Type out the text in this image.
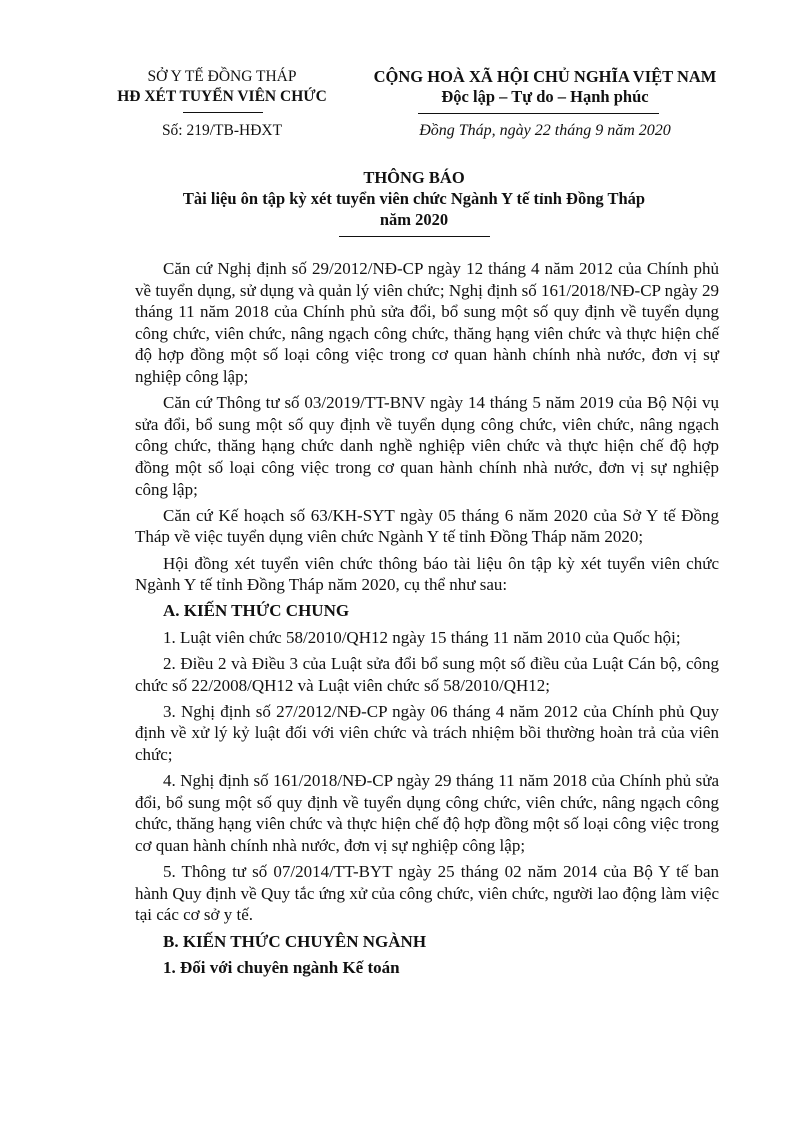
SỞ Y TẾ ĐỒNG THÁP
HĐ XÉT TUYỂN VIÊN CHỨC
Số: 219/TB-HĐXT
CỘNG HOÀ XÃ HỘI CHỦ NGHĨA VIỆT NAM
Độc lập – Tự do – Hạnh phúc
Đồng Tháp, ngày 22 tháng 9 năm 2020
THÔNG BÁO
Tài liệu ôn tập kỳ xét tuyển viên chức Ngành Y tế tỉnh Đồng Tháp
năm 2020

Căn cứ Nghị định số 29/2012/NĐ-CP ngày 12 tháng 4 năm 2012 của Chính phủ về tuyển dụng, sử dụng và quản lý viên chức; Nghị định số 161/2018/NĐ-CP ngày 29 tháng 11 năm 2018 của Chính phủ sửa đổi, bổ sung một số quy định về tuyển dụng công chức, viên chức, nâng ngạch công chức, thăng hạng viên chức và thực hiện chế độ hợp đồng một số loại công việc trong cơ quan hành chính nhà nước, đơn vị sự nghiệp công lập;

Căn cứ Thông tư số 03/2019/TT-BNV ngày 14 tháng 5 năm 2019 của Bộ Nội vụ sửa đổi, bổ sung một số quy định về tuyển dụng công chức, viên chức, nâng ngạch công chức, thăng hạng chức danh nghề nghiệp viên chức và thực hiện chế độ hợp đồng một số loại công việc trong cơ quan hành chính nhà nước, đơn vị sự nghiệp công lập;

Căn cứ Kế hoạch số 63/KH-SYT ngày 05 tháng 6 năm 2020 của Sở Y tế Đồng Tháp về việc tuyển dụng viên chức Ngành Y tế tỉnh Đồng Tháp năm 2020;

Hội đồng xét tuyển viên chức thông báo tài liệu ôn tập kỳ xét tuyển viên chức Ngành Y tế tỉnh Đồng Tháp năm 2020, cụ thể như sau:

A. KIẾN THỨC CHUNG

1. Luật viên chức 58/2010/QH12 ngày 15 tháng 11 năm 2010 của Quốc hội;

2. Điều 2 và Điều 3 của Luật sửa đổi bổ sung một số điều của Luật Cán bộ, công chức số 22/2008/QH12 và Luật viên chức số 58/2010/QH12;

3. Nghị định số 27/2012/NĐ-CP ngày 06 tháng 4 năm 2012 của Chính phủ Quy định về xử lý kỷ luật đối với viên chức và trách nhiệm bồi thường hoàn trả của viên chức;

4. Nghị định số 161/2018/NĐ-CP ngày 29 tháng 11 năm 2018 của Chính phủ sửa đổi, bổ sung một số quy định về tuyển dụng công chức, viên chức, nâng ngạch công chức, thăng hạng viên chức và thực hiện chế độ hợp đồng một số loại công việc trong cơ quan hành chính nhà nước, đơn vị sự nghiệp công lập;

5. Thông tư số 07/2014/TT-BYT ngày 25 tháng 02 năm 2014 của Bộ Y tế ban hành Quy định về Quy tắc ứng xử của công chức, viên chức, người lao động làm việc tại các cơ sở y tế.

B. KIẾN THỨC CHUYÊN NGÀNH

1. Đối với chuyên ngành Kế toán
